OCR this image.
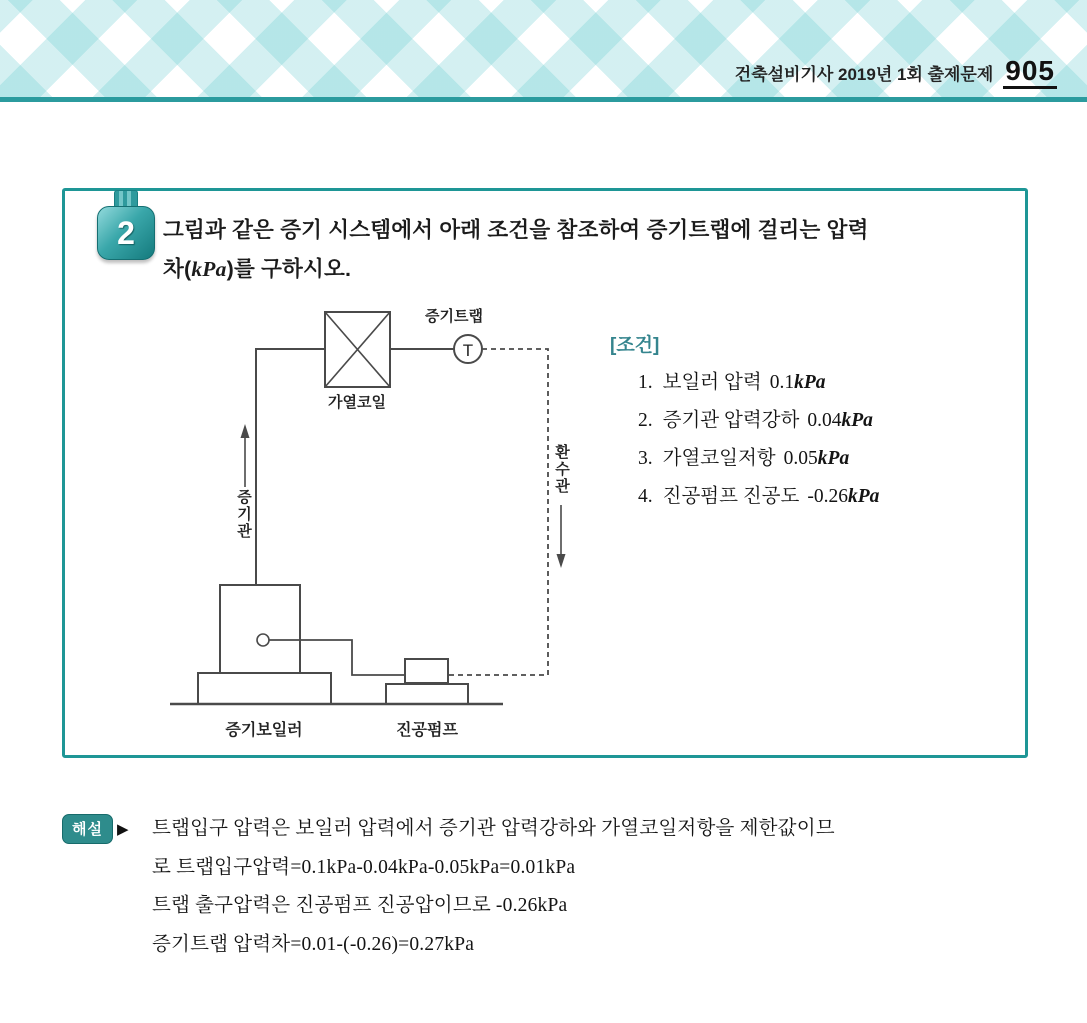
건축설비기사 2019년 1회 출제문제 905
2 그림과 같은 증기 시스템에서 아래 조건을 참조하여 증기트랩에 걸리는 압력
차(kPa)를 구하시오.
증기트랩
가열코일
T
증기보일러	진공펌프
증기관
환수관
[조건]
1. 보일러 압력 0.1kPa
2. 증기관 압력강하 0.04kPa
3. 가열코일저항 0.05kPa
4. 진공펌프 진공도 -0.26kPa
해설 ▶ 트랩입구 압력은 보일러 압력에서 증기관 압력강하와 가열코일저항을 제한값이므
로 트랩입구압력=0.1kPa-0.04kPa-0.05kPa=0.01kPa
트랩 출구압력은 진공펌프 진공압이므로 -0.26kPa
증기트랩 압력차=0.01-(-0.26)=0.27kPa
